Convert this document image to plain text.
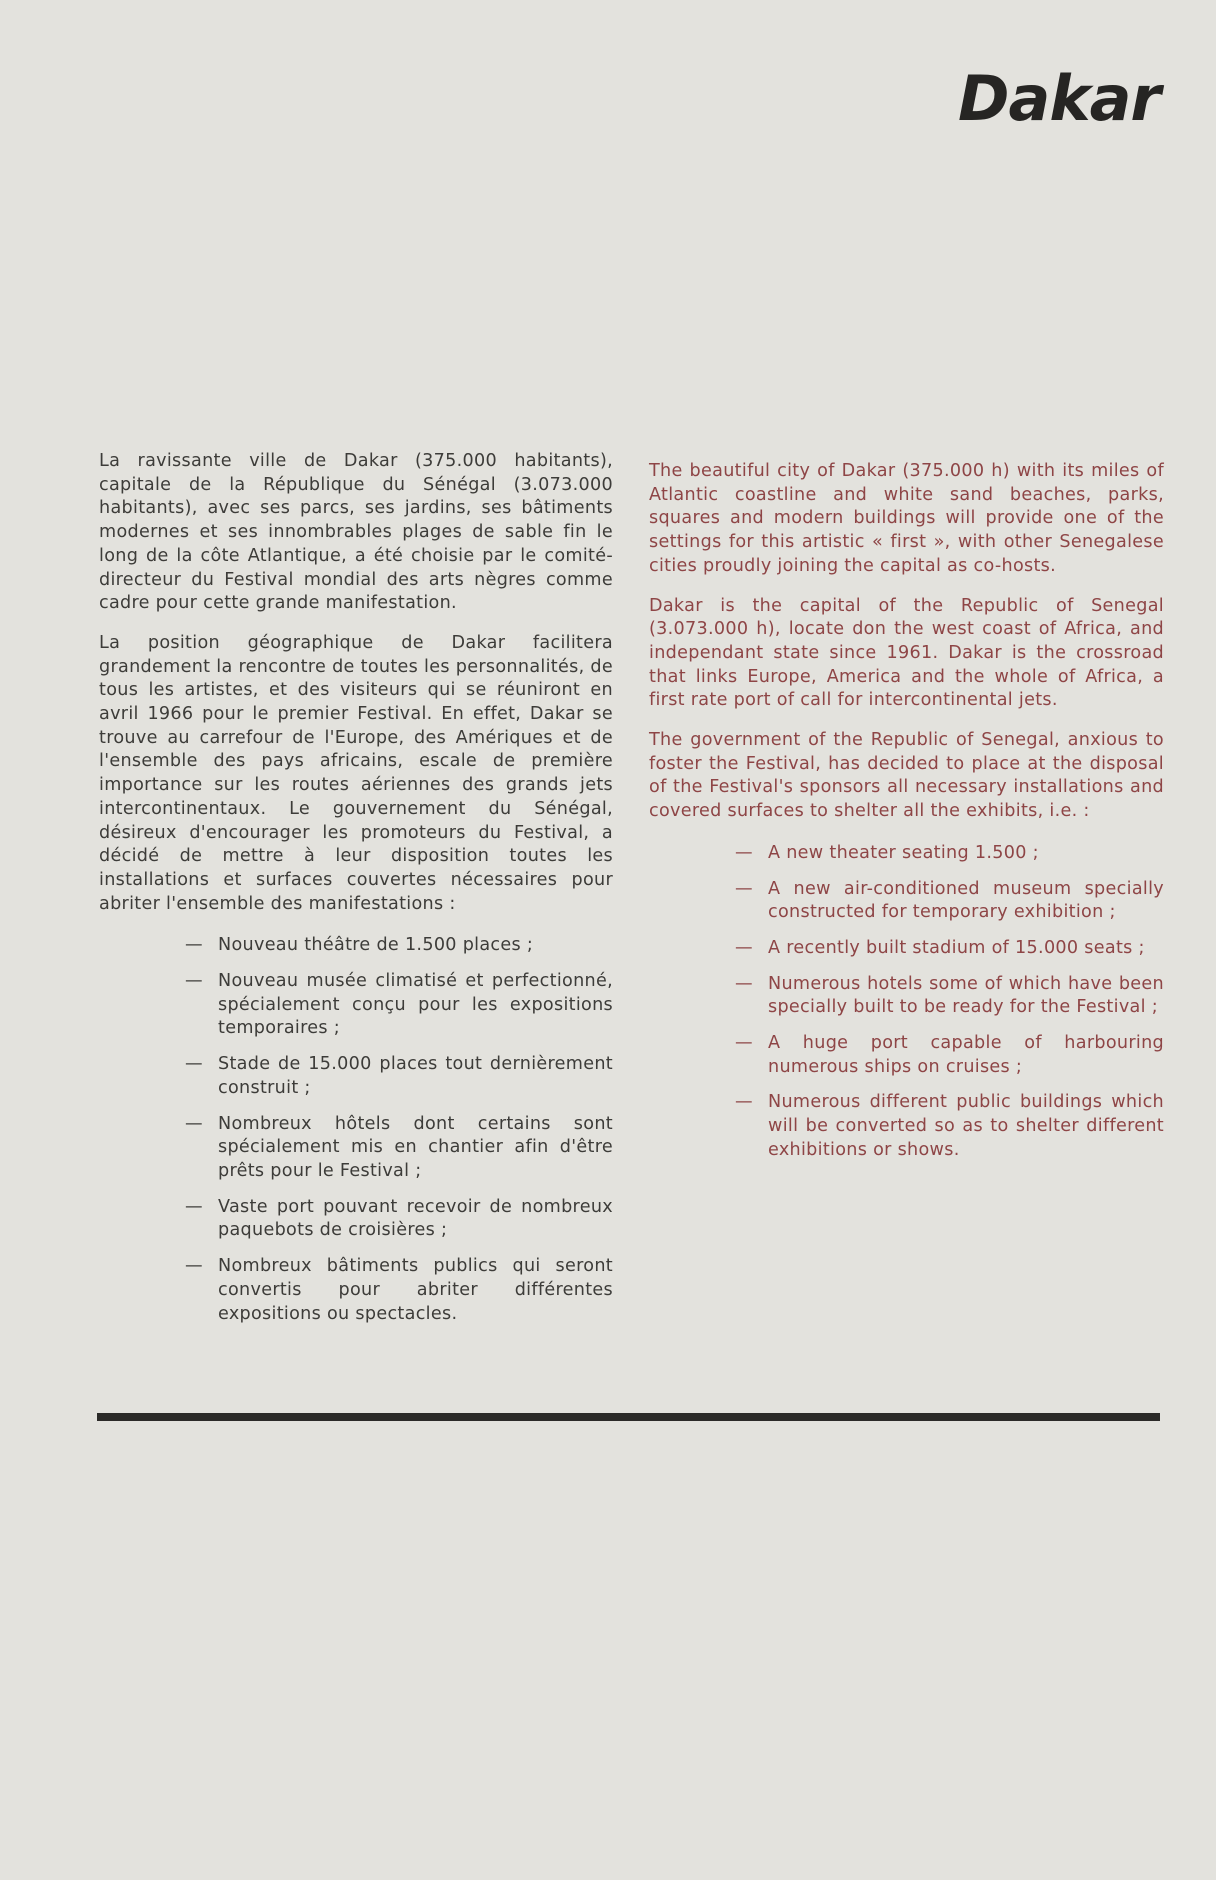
Dakar

La ravissante ville de Dakar (375.000 habitants), capitale de la République du Sénégal (3.073.000 habitants), avec ses parcs, ses jardins, ses bâtiments modernes et ses innombrables plages de sable fin le long de la côte Atlantique, a été choisie par le comité-directeur du Festival mondial des arts nègres comme cadre pour cette grande manifestation.

La position géographique de Dakar facilitera grandement la rencontre de toutes les personnalités, de tous les artistes, et des visiteurs qui se réuniront en avril 1966 pour le premier Festival. En effet, Dakar se trouve au carrefour de l'Europe, des Amériques et de l'ensemble des pays africains, escale de première importance sur les routes aériennes des grands jets intercontinentaux. Le gouvernement du Sénégal, désireux d'encourager les promoteurs du Festival, a décidé de mettre à leur disposition toutes les installations et surfaces couvertes nécessaires pour abriter l'ensemble des manifestations :

— Nouveau théâtre de 1.500 places ;
— Nouveau musée climatisé et perfectionné, spécialement conçu pour les expositions temporaires ;
— Stade de 15.000 places tout dernièrement construit ;
— Nombreux hôtels dont certains sont spécialement mis en chantier afin d'être prêts pour le Festival ;
— Vaste port pouvant recevoir de nombreux paquebots de croisières ;
— Nombreux bâtiments publics qui seront convertis pour abriter différentes expositions ou spectacles.

The beautiful city of Dakar (375.000 h) with its miles of Atlantic coastline and white sand beaches, parks, squares and modern buildings will provide one of the settings for this artistic « first », with other Senegalese cities proudly joining the capital as co-hosts.

Dakar is the capital of the Republic of Senegal (3.073.000 h), locate don the west coast of Africa, and independant state since 1961. Dakar is the crossroad that links Europe, America and the whole of Africa, a first rate port of call for intercontinental jets.

The government of the Republic of Senegal, anxious to foster the Festival, has decided to place at the disposal of the Festival's sponsors all necessary installations and covered surfaces to shelter all the exhibits, i.e. :

— A new theater seating 1.500 ;
— A new air-conditioned museum specially constructed for temporary exhibition ;
— A recently built stadium of 15.000 seats ;
— Numerous hotels some of which have been specially built to be ready for the Festival ;
— A huge port capable of harbouring numerous ships on cruises ;
— Numerous different public buildings which will be converted so as to shelter different exhibitions or shows.
